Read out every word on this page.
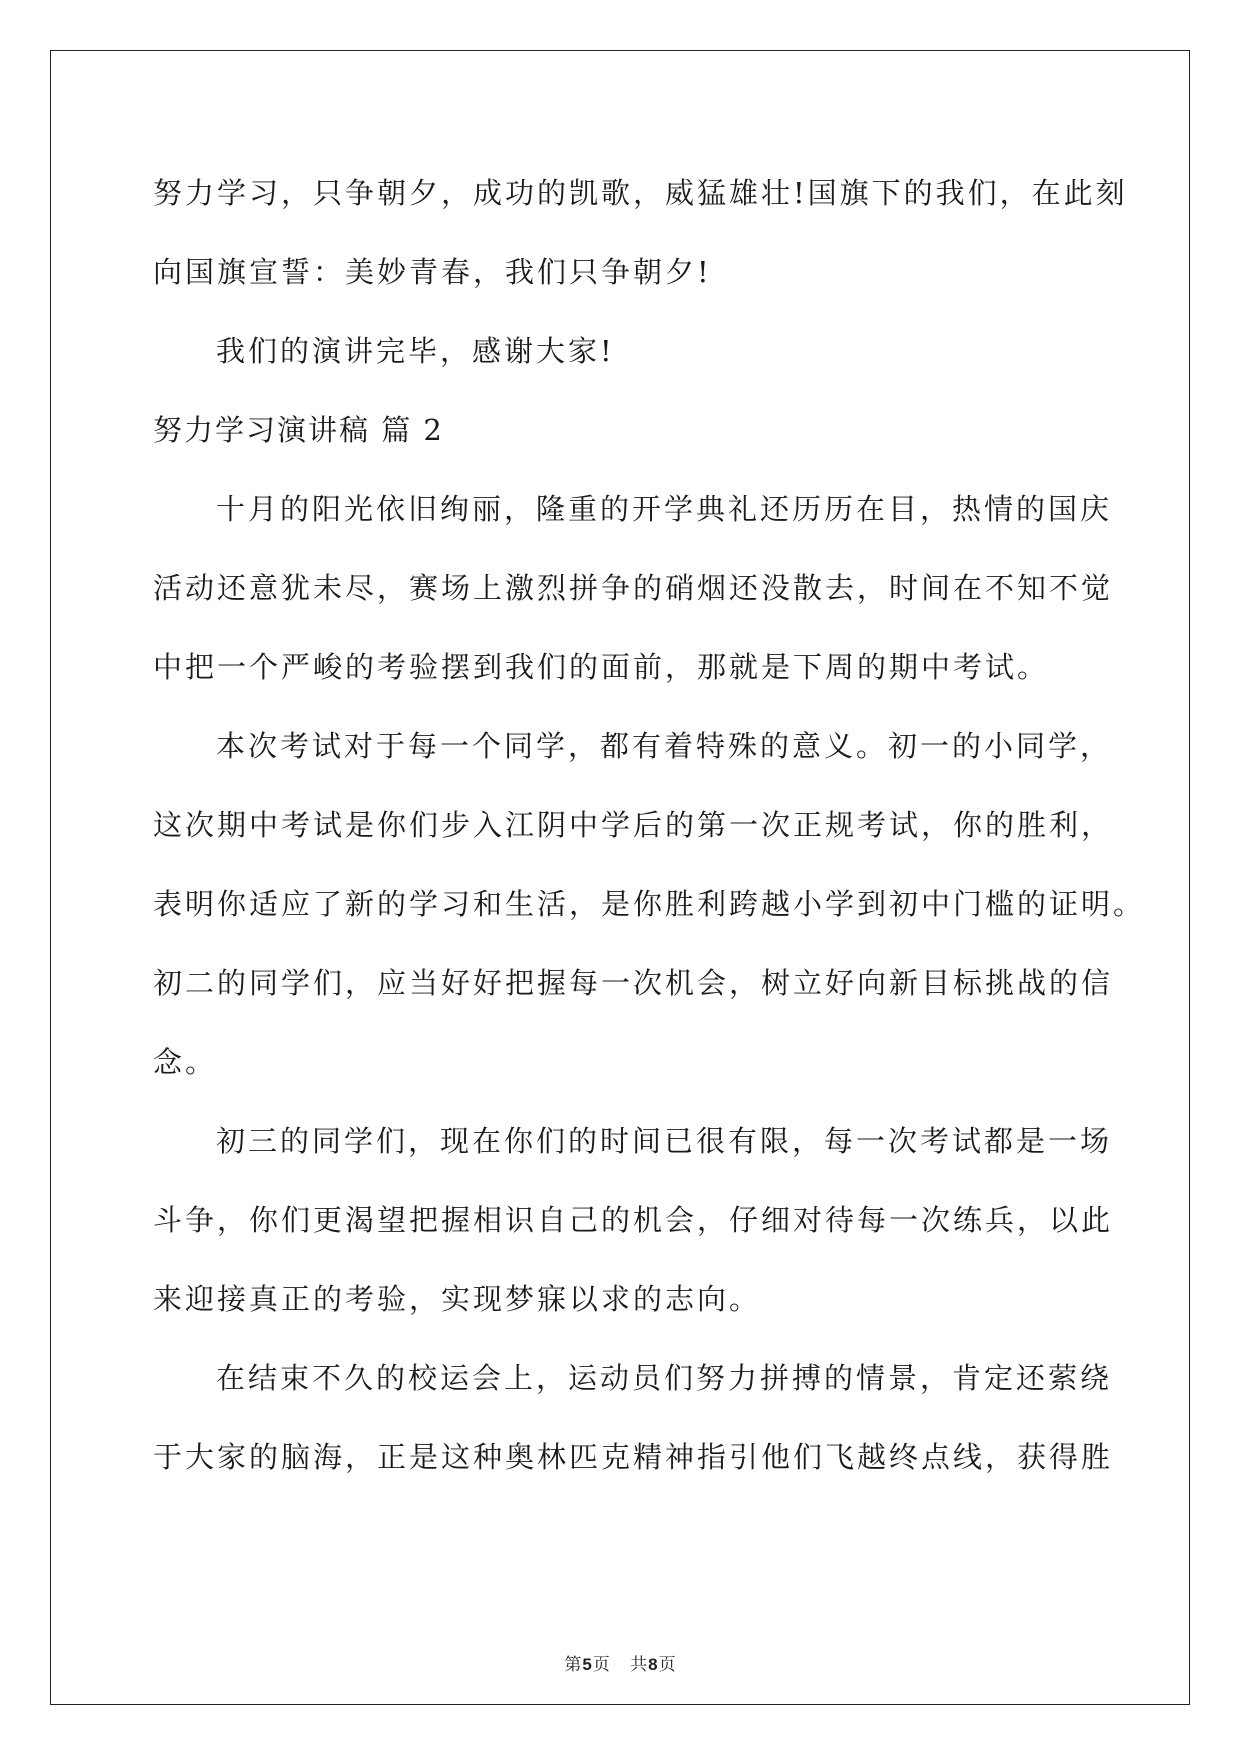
努力学习，只争朝夕，成功的凯歌，威猛雄壮!国旗下的我们，在此刻
向国旗宣誓：美妙青春，我们只争朝夕!
我们的演讲完毕，感谢大家!
努力学习演讲稿 篇 2
十月的阳光依旧绚丽，隆重的开学典礼还历历在目，热情的国庆
活动还意犹未尽，赛场上激烈拼争的硝烟还没散去，时间在不知不觉
中把一个严峻的考验摆到我们的面前，那就是下周的期中考试。
本次考试对于每一个同学，都有着特殊的意义。初一的小同学，
这次期中考试是你们步入江阴中学后的第一次正规考试，你的胜利，
表明你适应了新的学习和生活，是你胜利跨越小学到初中门槛的证明。
初二的同学们，应当好好把握每一次机会，树立好向新目标挑战的信
念。
初三的同学们，现在你们的时间已很有限，每一次考试都是一场
斗争，你们更渴望把握相识自己的机会，仔细对待每一次练兵，以此
来迎接真正的考验，实现梦寐以求的志向。
在结束不久的校运会上，运动员们努力拼搏的情景，肯定还萦绕
于大家的脑海，正是这种奥林匹克精神指引他们飞越终点线，获得胜
第5页 共8页
